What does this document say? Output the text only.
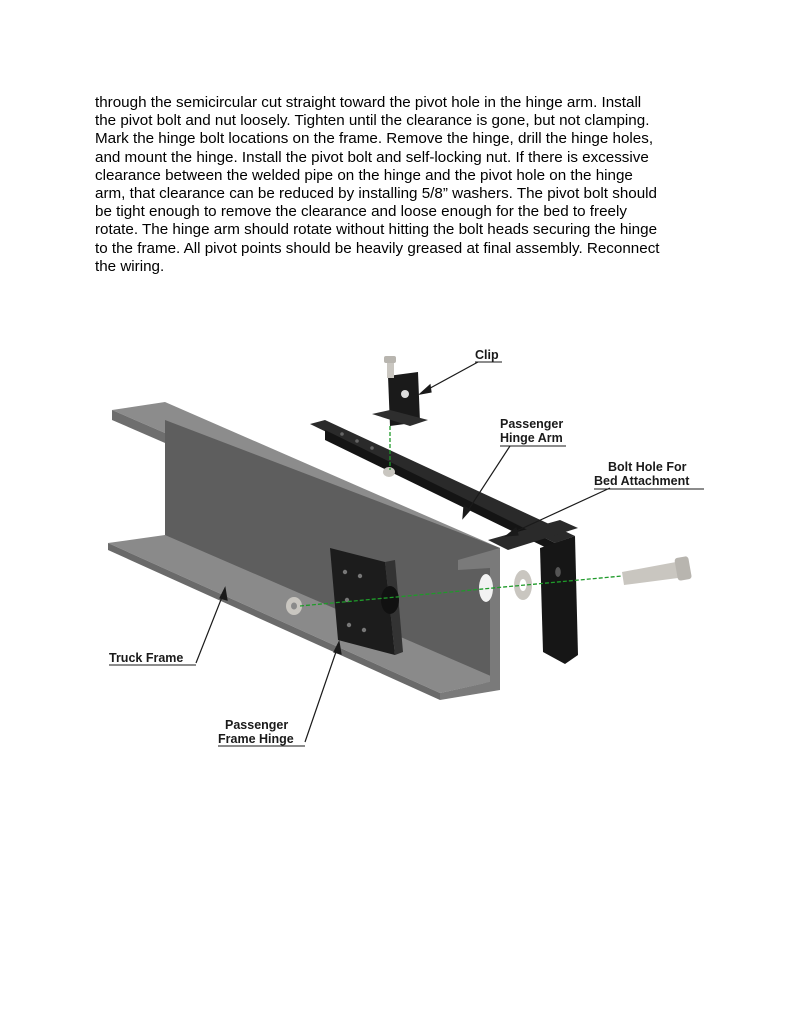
through the semicircular cut straight toward the pivot hole in the hinge arm. Install
the pivot bolt and nut loosely. Tighten until the clearance is gone, but not clamping.
Mark the hinge bolt locations on the frame. Remove the hinge, drill the hinge holes,
and mount the hinge. Install the pivot bolt and self-locking nut. If there is excessive
clearance between the welded pipe on the hinge and the pivot hole on the hinge
arm, that clearance can be reduced by installing 5/8” washers. The pivot bolt should
be tight enough to remove the clearance and loose enough for the bed to freely
rotate. The hinge arm should rotate without hitting the bolt heads securing the hinge
to the frame. All pivot points should be heavily greased at final assembly. Reconnect
the wiring.

Clip
Passenger
Hinge Arm
Bolt Hole For
Bed Attachment
Truck Frame
Passenger
Frame Hinge
